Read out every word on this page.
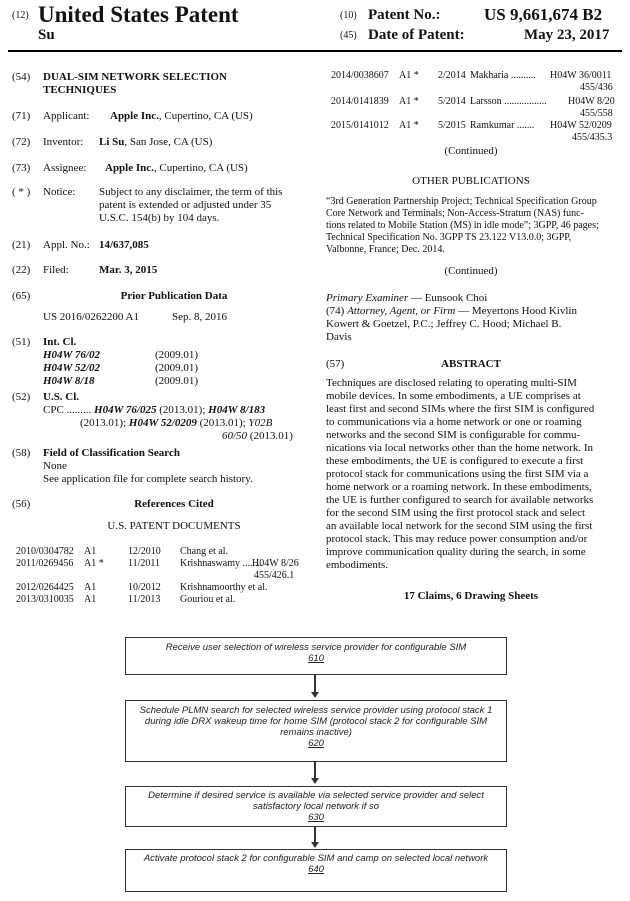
(12) United States Patent
Su
(10) Patent No.:	US 9,661,674 B2
(45) Date of Patent:	May 23, 2017
(54) DUAL-SIM NETWORK SELECTION
TECHNIQUES
(71) Applicant: Apple Inc., Cupertino, CA (US)
(72) Inventor: Li Su, San Jose, CA (US)
(73) Assignee: Apple Inc., Cupertino, CA (US)
( * ) Notice: Subject to any disclaimer, the term of this
patent is extended or adjusted under 35
U.S.C. 154(b) by 104 days.
(21) Appl. No.: 14/637,085
(22) Filed:	Mar. 3, 2015
(65)	Prior Publication Data
US 2016/0262200 A1	Sep. 8, 2016
(51) Int. Cl.
H04W 76/02	(2009.01)
H04W 52/02	(2009.01)
H04W 8/18	(2009.01)
(52) U.S. Cl.
CPC ......... H04W 76/025 (2013.01); H04W 8/183
(2013.01); H04W 52/0209 (2013.01); Y02B
60/50 (2013.01)
(58) Field of Classification Search
None
See application file for complete search history.
(56)	References Cited
U.S. PATENT DOCUMENTS
2010/0304782 A1	12/2010 Chang et al.
2011/0269456 A1 * 11/2011 Krishnaswamy ........
H04W 8/26
455/426.1
2012/0264425 A1	10/2012 Krishnamoorthy et al.
2013/0310035 A1	11/2013 Gouriou et al.
2014/0038607 A1 * 2/2014 Makharia .......... H04W 36/0011
455/436
2014/0141839 A1 * 5/2014 Larsson ................. H04W 8/20
455/558
2015/0141012 A1 * 5/2015 Ramkumar ....... H04W 52/0209
455/435.3
(Continued)
OTHER PUBLICATIONS
“3rd Generation Partnership Project; Technical Specification Group
Core Network and Terminals; Non-Access-Stratum (NAS) func-
tions related to Mobile Station (MS) in idle mode”; 3GPP, 46 pages;
Technical Specification No. 3GPP TS 23.122 V13.0.0; 3GPP,
Valbonne, France; Dec. 2014.
(Continued)
Primary Examiner — Eunsook Choi
(74) Attorney, Agent, or Firm — Meyertons Hood Kivlin
Kowert & Goetzel, P.C.; Jeffrey C. Hood; Michael B.
Davis
(57)	ABSTRACT
Techniques are disclosed relating to operating multi-SIM
mobile devices. In some embodiments, a UE comprises at
least first and second SIMs where the first SIM is configured
to communications via a home network or one or roaming
networks and the second SIM is configurable for commu-
nications via local networks other than the home network. In
these embodiments, the UE is configured to execute a first
protocol stack for communications using the first SIM via a
home network or a roaming network. In these embodiments,
the UE is further configured to search for available networks
for the second SIM using the first protocol stack and select
an available local network for the second SIM using the first
protocol stack. This may reduce power consumption and/or
improve communication quality during the search, in some
embodiments.
17 Claims, 6 Drawing Sheets
Receive user selection of wireless service provider for configurable SIM
610
Schedule PLMN search for selected wireless service provider using protocol stack 1 during idle DRX wakeup time for home SIM (protocol stack 2 for configurable SIM remains inactive)
620
Determine if desired service is available via selected service provider and select satisfactory local network if so
630
Activate protocol stack 2 for configurable SIM and camp on selected local network
640
